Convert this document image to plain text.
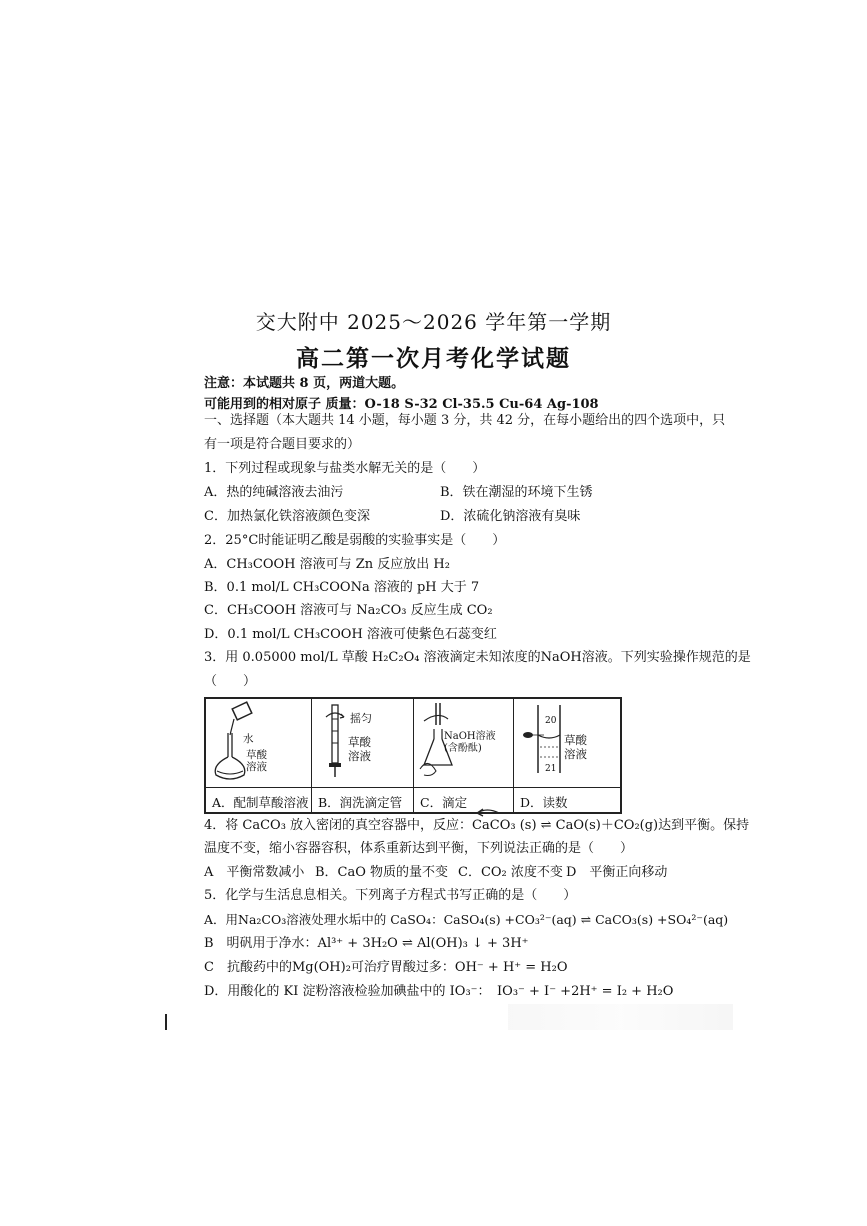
交大附中 2025～2026 学年第一学期
高二第一次月考化学试题
注意：本试题共 8 页，两道大题。
可能用到的相对原子 质量：O-18 S-32 Cl-35.5 Cu-64 Ag-108
一、选择题（本大题共 14 小题，每小题 3 分，共 42 分，在每小题给出的四个选项中，只
有一项是符合题目要求的）
1．下列过程或现象与盐类水解无关的是（　　）
A．热的纯碱溶液去油污	B．铁在潮湿的环境下生锈
C．加热氯化铁溶液颜色变深	D．浓硫化钠溶液有臭味
2．25°C时能证明乙酸是弱酸的实验事实是（　　）
A．CH₃COOH 溶液可与 Zn 反应放出 H₂
B．0.1 mol/L CH₃COONa 溶液的 pH 大于 7
C．CH₃COOH 溶液可与 Na₂CO₃ 反应生成 CO₂
D．0.1 mol/L CH₃COOH 溶液可使紫色石蕊变红
3．用 0.05000 mol/L 草酸 H₂C₂O₄ 溶液滴定未知浓度的NaOH溶液。下列实验操作规范的是
（　　）
水
草酸
溶液
A．配制草酸溶液
摇匀
草酸
溶液
B．润洗滴定管
NaOH溶液
(含酚酞)
C．滴定
20
21
草酸
溶液
D．读数
4．将 CaCO₃ 放入密闭的真空容器中，反应：CaCO₃ (s) ⇌ CaO(s)＋CO₂(g)达到平衡。保持
温度不变，缩小容器容积，体系重新达到平衡，下列说法正确的是（　　）
A　平衡常数减小 B．CaO 物质的量不变 C．CO₂ 浓度不变 D　平衡正向移动
5．化学与生活息息相关。下列离子方程式书写正确的是（　　）
A．用Na₂CO₃溶液处理水垢中的 CaSO₄：CaSO₄(s) +CO₃²⁻(aq) ⇌ CaCO₃(s) +SO₄²⁻(aq)
B　明矾用于净水：Al³⁺ + 3H₂O ⇌ Al(OH)₃ ↓ + 3H⁺
C　抗酸药中的Mg(OH)₂可治疗胃酸过多：OH⁻ + H⁺ = H₂O
D．用酸化的 KI 淀粉溶液检验加碘盐中的 IO₃⁻：　IO₃⁻ + I⁻ +2H⁺ = I₂ + H₂O
